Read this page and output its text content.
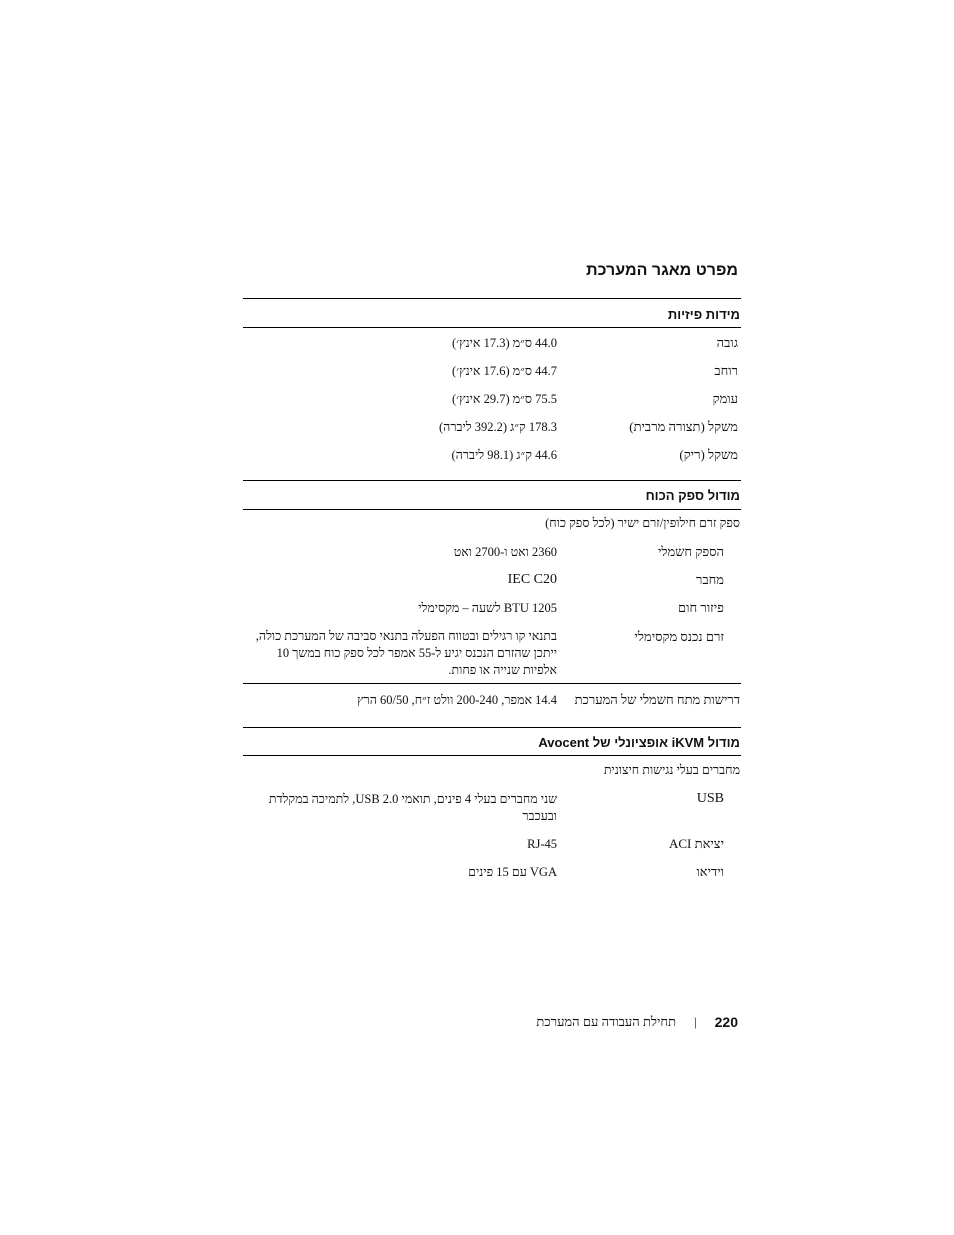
מפרט מאגר המערכת
מידות פיזיות
גובה
44.0 ס״מ (17.3 אינץ׳)
רוחב
44.7 ס״מ (17.6 אינץ׳)
עומק
75.5 ס״מ (29.7 אינץ׳)
משקל (תצורה מרבית)
178.3 ק״ג (392.2 ליברה)
משקל (ריק)
44.6 ק״ג (98.1 ליברה)
מודול ספק הכוח
ספק זרם חילופין/זרם ישיר (לכל ספק כוח)
הספק חשמלי
2360 ואט ו-2700 ואט
מחבר
IEC C20
פיזור חום
1205 BTU לשעה – מקסימלי
זרם נכנס מקסימלי
בתנאי קו רגילים ובטווח הפעלה בתנאי סביבה של המערכת כולה, ייתכן שהזרם הנכנס יגיע ל-55 אמפר לכל ספק כוח במשך 10 אלפיות שנייה או פחות.
דרישות מתח חשמלי של המערכת
14.4 אמפר, 200-240 וולט ז״ח, 60/50 הרץ
מודול iKVM אופציונלי של Avocent
מחברים בעלי נגישות חיצונית
USB
שני מחברים בעלי 4 פינים, תואמי USB 2.0, לתמיכה במקלדת ובעכבר
יציאת ACI
RJ-45
וידיאו
VGA עם 15 פינים
220
|
תחילת העבודה עם המערכת
